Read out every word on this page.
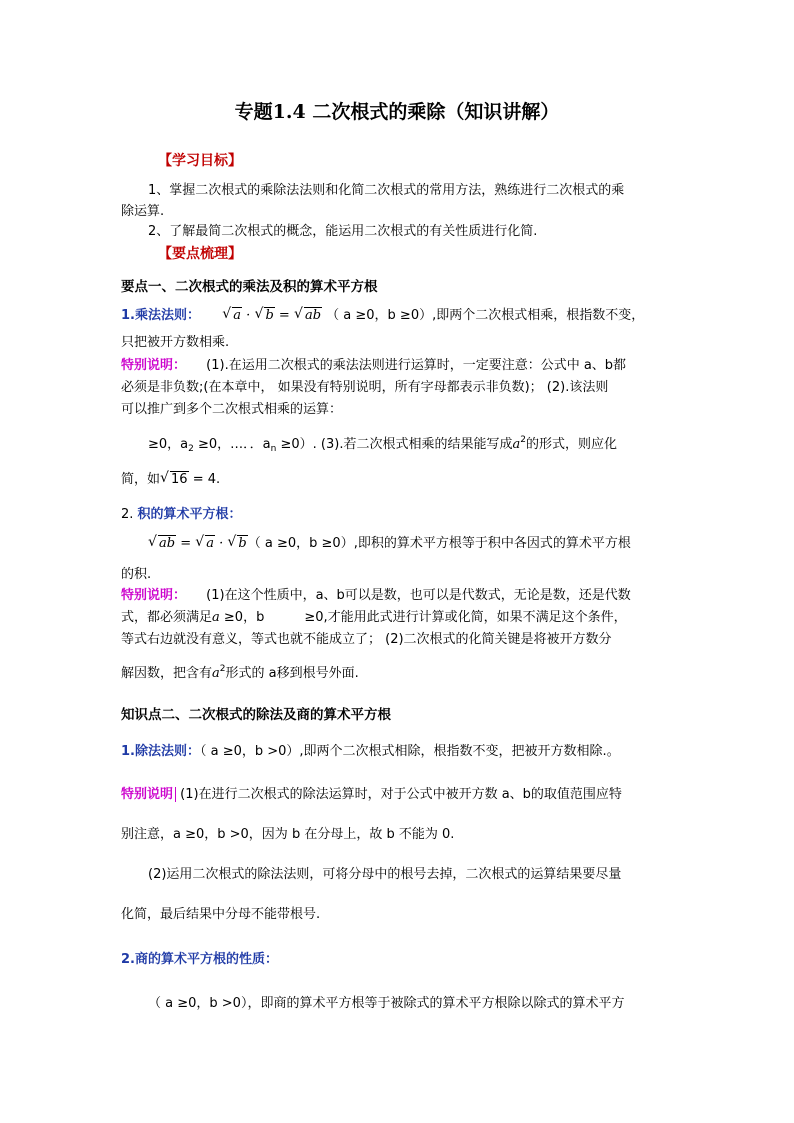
专题1.4 二次根式的乘除（知识讲解）
【学习目标】
1、掌握二次根式的乘除法法则和化简二次根式的常用方法，熟练进行二次根式的乘
除运算.
2、了解最简二次根式的概念，能运用二次根式的有关性质进行化简.
【要点梳理】
要点一、二次根式的乘法及积的算术平方根
1.乘法法则：	√ a · √ b = √ ab （ a ≥0，b ≥0）,即两个二次根式相乘，根指数不变，
只把被开方数相乘.
特别说明： (1).在运用二次根式的乘法法则进行运算时，一定要注意：公式中 a、b都
必须是非负数;(在本章中， 如果没有特别说明，所有字母都表示非负数)； (2).该法则
可以推广到多个二次根式相乘的运算：
≥0，$a_2 \ge 0$，…．．$a_n \ge 0$）. (3).若二次根式相乘的结果能写成$a^2$的形式，则应化
简，如 √ 16 = 4.
2. 积的算术平方根：
√ ab = √ a · √ b（ a ≥0，b ≥0）,即积的算术平方根等于积中各因式的算术平方根
的积.
特别说明： (1)在这个性质中，a、b可以是数，也可以是代数式，无论是数，还是代数
式，都必须满足a ≥0，b	≥0,才能用此式进行计算或化简，如果不满足这个条件，
等式右边就没有意义，等式也就不能成立了； (2)二次根式的化简关键是将被开方数分
解因数，把含有$a^2$形式的 a移到根号外面.
知识点二、二次根式的除法及商的算术平方根
1.除法法则：（ a ≥0，b >0）,即两个二次根式相除，根指数不变，把被开方数相除.。
特别说明 (1)在进行二次根式的除法运算时，对于公式中被开方数 a、b的取值范围应特
别注意，a ≥0，b >0，因为 b 在分母上，故 b 不能为 0.
(2)运用二次根式的除法法则，可将分母中的根号去掉，二次根式的运算结果要尽量
化简，最后结果中分母不能带根号.
2.商的算术平方根的性质：
（ a ≥0，b >0），即商的算术平方根等于被除式的算术平方根除以除式的算术平方
